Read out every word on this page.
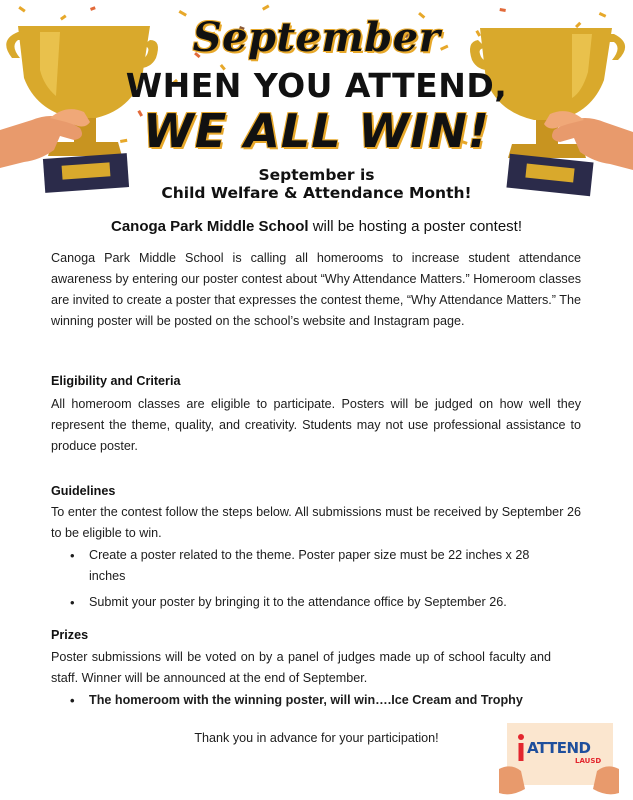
September
WHEN YOU ATTEND,
WE ALL WIN!
September is
Child Welfare & Attendance Month!
Canoga Park Middle School will be hosting a poster contest!
Canoga Park Middle School is calling all homerooms to increase student attendance awareness by entering our poster contest about “Why Attendance Matters.” Homeroom classes are invited to create a poster that expresses the contest theme, “Why Attendance Matters.” The winning poster will be posted on the school’s website and Instagram page.
Eligibility and Criteria
All homeroom classes are eligible to participate. Posters will be judged on how well they represent the theme, quality, and creativity. Students may not use professional assistance to produce poster.
Guidelines
To enter the contest follow the steps below. All submissions must be received by September 26 to be eligible to win.
• Create a poster related to the theme. Poster paper size must be 22 inches x 28 inches
• Submit your poster by bringing it to the attendance office by September 26.
Prizes
Poster submissions will be voted on by a panel of judges made up of school faculty and staff. Winner will be announced at the end of September.
• The homeroom with the winning poster, will win….Ice Cream and Trophy
Thank you in advance for your participation!
ATTEND
LAUSD
